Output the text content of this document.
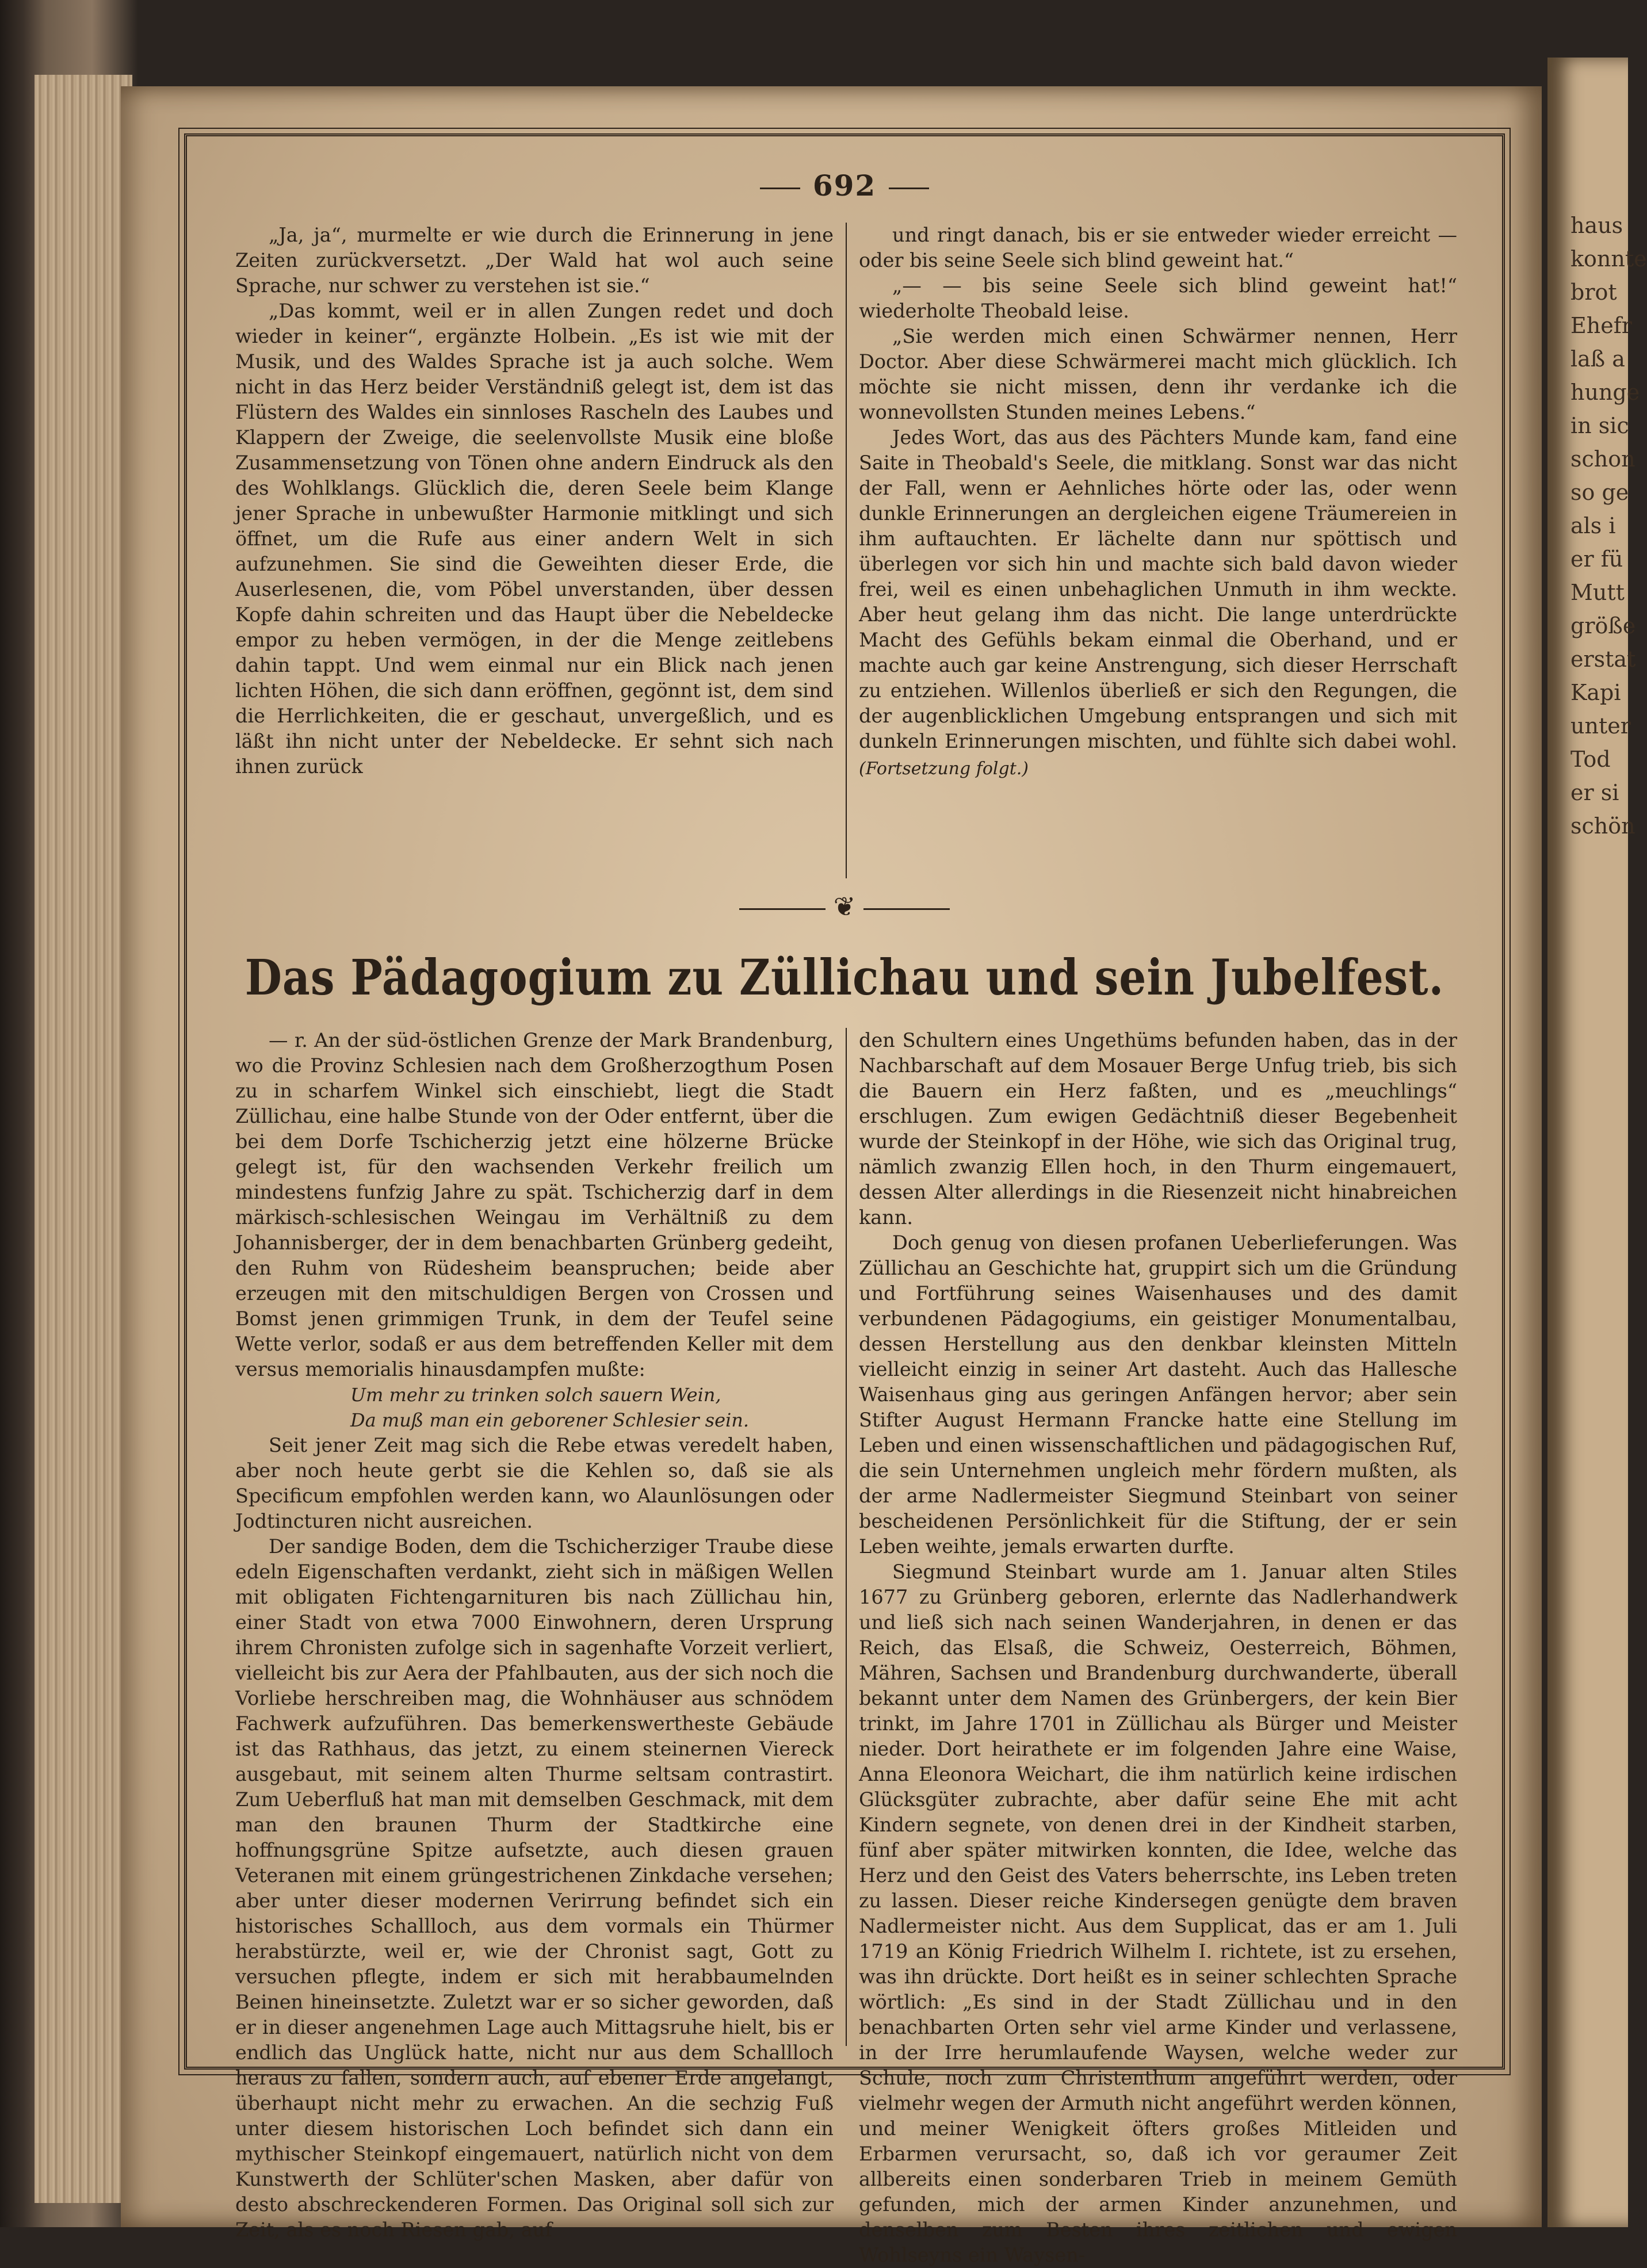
haus
konnte
brot
Ehefr
laß a
hunge
in sic
schon
so ge
als i
er fü
Mutt
größe
erstat
Kapi
unter
Tod
er si
schön
692

„Ja, ja“, murmelte er wie durch die Erinnerung in jene Zeiten zurückversetzt. „Der Wald hat wol auch seine Sprache, nur schwer zu verstehen ist sie.“

„Das kommt, weil er in allen Zungen redet und doch wieder in keiner“, ergänzte Holbein. „Es ist wie mit der Musik, und des Waldes Sprache ist ja auch solche. Wem nicht in das Herz beider Verständniß gelegt ist, dem ist das Flüstern des Waldes ein sinnloses Rascheln des Laubes und Klappern der Zweige, die seelenvollste Musik eine bloße Zusammensetzung von Tönen ohne andern Eindruck als den des Wohlklangs. Glücklich die, deren Seele beim Klange jener Sprache in unbewußter Harmonie mitklingt und sich öffnet, um die Rufe aus einer andern Welt in sich aufzunehmen. Sie sind die Geweihten dieser Erde, die Auserlesenen, die, vom Pöbel unverstanden, über dessen Kopfe dahin schreiten und das Haupt über die Nebeldecke empor zu heben vermögen, in der die Menge zeitlebens dahin tappt. Und wem einmal nur ein Blick nach jenen lichten Höhen, die sich dann eröffnen, gegönnt ist, dem sind die Herrlichkeiten, die er geschaut, unvergeßlich, und es läßt ihn nicht unter der Nebeldecke. Er sehnt sich nach ihnen zurück

und ringt danach, bis er sie entweder wieder erreicht — oder bis seine Seele sich blind geweint hat.“

„— — bis seine Seele sich blind geweint hat!“ wiederholte Theobald leise.

„Sie werden mich einen Schwärmer nennen, Herr Doctor. Aber diese Schwärmerei macht mich glücklich. Ich möchte sie nicht missen, denn ihr verdanke ich die wonnevollsten Stunden meines Lebens.“

Jedes Wort, das aus des Pächters Munde kam, fand eine Saite in Theobald's Seele, die mitklang. Sonst war das nicht der Fall, wenn er Aehnliches hörte oder las, oder wenn dunkle Erinnerungen an dergleichen eigene Träumereien in ihm auftauchten. Er lächelte dann nur spöttisch und überlegen vor sich hin und machte sich bald davon wieder frei, weil es einen unbehaglichen Unmuth in ihm weckte. Aber heut gelang ihm das nicht. Die lange unterdrückte Macht des Gefühls bekam einmal die Oberhand, und er machte auch gar keine Anstrengung, sich dieser Herrschaft zu entziehen. Willenlos überließ er sich den Regungen, die der augenblicklichen Umgebung entsprangen und sich mit dunkeln Erinnerungen mischten, und fühlte sich dabei wohl. (Fortsetzung folgt.)

❦
Das Pädagogium zu Züllichau und sein Jubelfest.

— r. An der süd-östlichen Grenze der Mark Brandenburg, wo die Provinz Schlesien nach dem Großherzogthum Posen zu in scharfem Winkel sich einschiebt, liegt die Stadt Züllichau, eine halbe Stunde von der Oder entfernt, über die bei dem Dorfe Tschicherzig jetzt eine hölzerne Brücke gelegt ist, für den wachsenden Verkehr freilich um mindestens funfzig Jahre zu spät. Tschicherzig darf in dem märkisch-schlesischen Weingau im Verhältniß zu dem Johannisberger, der in dem benachbarten Grünberg gedeiht, den Ruhm von Rüdesheim beanspruchen; beide aber erzeugen mit den mitschuldigen Bergen von Crossen und Bomst jenen grimmigen Trunk, in dem der Teufel seine Wette verlor, sodaß er aus dem betreffenden Keller mit dem versus memorialis hinausdampfen mußte:

Um mehr zu trinken solch sauern Wein,

Da muß man ein geborener Schlesier sein.

Seit jener Zeit mag sich die Rebe etwas veredelt haben, aber noch heute gerbt sie die Kehlen so, daß sie als Specificum empfohlen werden kann, wo Alaunlösungen oder Jodtincturen nicht ausreichen.

Der sandige Boden, dem die Tschicherziger Traube diese edeln Eigenschaften verdankt, zieht sich in mäßigen Wellen mit obligaten Fichtengarnituren bis nach Züllichau hin, einer Stadt von etwa 7000 Einwohnern, deren Ursprung ihrem Chronisten zufolge sich in sagenhafte Vorzeit verliert, vielleicht bis zur Aera der Pfahlbauten, aus der sich noch die Vorliebe herschreiben mag, die Wohnhäuser aus schnödem Fachwerk aufzuführen. Das bemerkenswertheste Gebäude ist das Rathhaus, das jetzt, zu einem steinernen Viereck ausgebaut, mit seinem alten Thurme seltsam contrastirt. Zum Ueberfluß hat man mit demselben Geschmack, mit dem man den braunen Thurm der Stadtkirche eine hoffnungsgrüne Spitze aufsetzte, auch diesen grauen Veteranen mit einem grüngestrichenen Zinkdache versehen; aber unter dieser modernen Verirrung befindet sich ein historisches Schallloch, aus dem vormals ein Thürmer herabstürzte, weil er, wie der Chronist sagt, Gott zu versuchen pflegte, indem er sich mit herabbaumelnden Beinen hineinsetzte. Zuletzt war er so sicher geworden, daß er in dieser angenehmen Lage auch Mittagsruhe hielt, bis er endlich das Unglück hatte, nicht nur aus dem Schallloch heraus zu fallen, sondern auch, auf ebener Erde angelangt, überhaupt nicht mehr zu erwachen. An die sechzig Fuß unter diesem historischen Loch befindet sich dann ein mythischer Steinkopf eingemauert, natürlich nicht von dem Kunstwerth der Schlüter'schen Masken, aber dafür von desto abschreckenderen Formen. Das Original soll sich zur Zeit, als es noch Riesen gab, auf

den Schultern eines Ungethüms befunden haben, das in der Nachbarschaft auf dem Mosauer Berge Unfug trieb, bis sich die Bauern ein Herz faßten, und es „meuchlings“ erschlugen. Zum ewigen Gedächtniß dieser Begebenheit wurde der Steinkopf in der Höhe, wie sich das Original trug, nämlich zwanzig Ellen hoch, in den Thurm eingemauert, dessen Alter allerdings in die Riesenzeit nicht hinabreichen kann.

Doch genug von diesen profanen Ueberlieferungen. Was Züllichau an Geschichte hat, gruppirt sich um die Gründung und Fortführung seines Waisenhauses und des damit verbundenen Pädagogiums, ein geistiger Monumentalbau, dessen Herstellung aus den denkbar kleinsten Mitteln vielleicht einzig in seiner Art dasteht. Auch das Hallesche Waisenhaus ging aus geringen Anfängen hervor; aber sein Stifter August Hermann Francke hatte eine Stellung im Leben und einen wissenschaftlichen und pädagogischen Ruf, die sein Unternehmen ungleich mehr fördern mußten, als der arme Nadlermeister Siegmund Steinbart von seiner bescheidenen Persönlichkeit für die Stiftung, der er sein Leben weihte, jemals erwarten durfte.

Siegmund Steinbart wurde am 1. Januar alten Stiles 1677 zu Grünberg geboren, erlernte das Nadlerhandwerk und ließ sich nach seinen Wanderjahren, in denen er das Reich, das Elsaß, die Schweiz, Oesterreich, Böhmen, Mähren, Sachsen und Brandenburg durchwanderte, überall bekannt unter dem Namen des Grünbergers, der kein Bier trinkt, im Jahre 1701 in Züllichau als Bürger und Meister nieder. Dort heirathete er im folgenden Jahre eine Waise, Anna Eleonora Weichart, die ihm natürlich keine irdischen Glücksgüter zubrachte, aber dafür seine Ehe mit acht Kindern segnete, von denen drei in der Kindheit starben, fünf aber später mitwirken konnten, die Idee, welche das Herz und den Geist des Vaters beherrschte, ins Leben treten zu lassen. Dieser reiche Kindersegen genügte dem braven Nadlermeister nicht. Aus dem Supplicat, das er am 1. Juli 1719 an König Friedrich Wilhelm I. richtete, ist zu ersehen, was ihn drückte. Dort heißt es in seiner schlechten Sprache wörtlich: „Es sind in der Stadt Züllichau und in den benachbarten Orten sehr viel arme Kinder und verlassene, in der Irre herumlaufende Waysen, welche weder zur Schule, noch zum Christenthum angeführt werden, oder vielmehr wegen der Armuth nicht angeführt werden können, und meiner Wenigkeit öfters großes Mitleiden und Erbarmen verursacht, so, daß ich vor geraumer Zeit allbereits einen sonderbaren Trieb in meinem Gemüth gefunden, mich der armen Kinder anzunehmen, und denselben zum Besten ihres zeitlichen und ewigen Wohlseyns ein Waysen-
